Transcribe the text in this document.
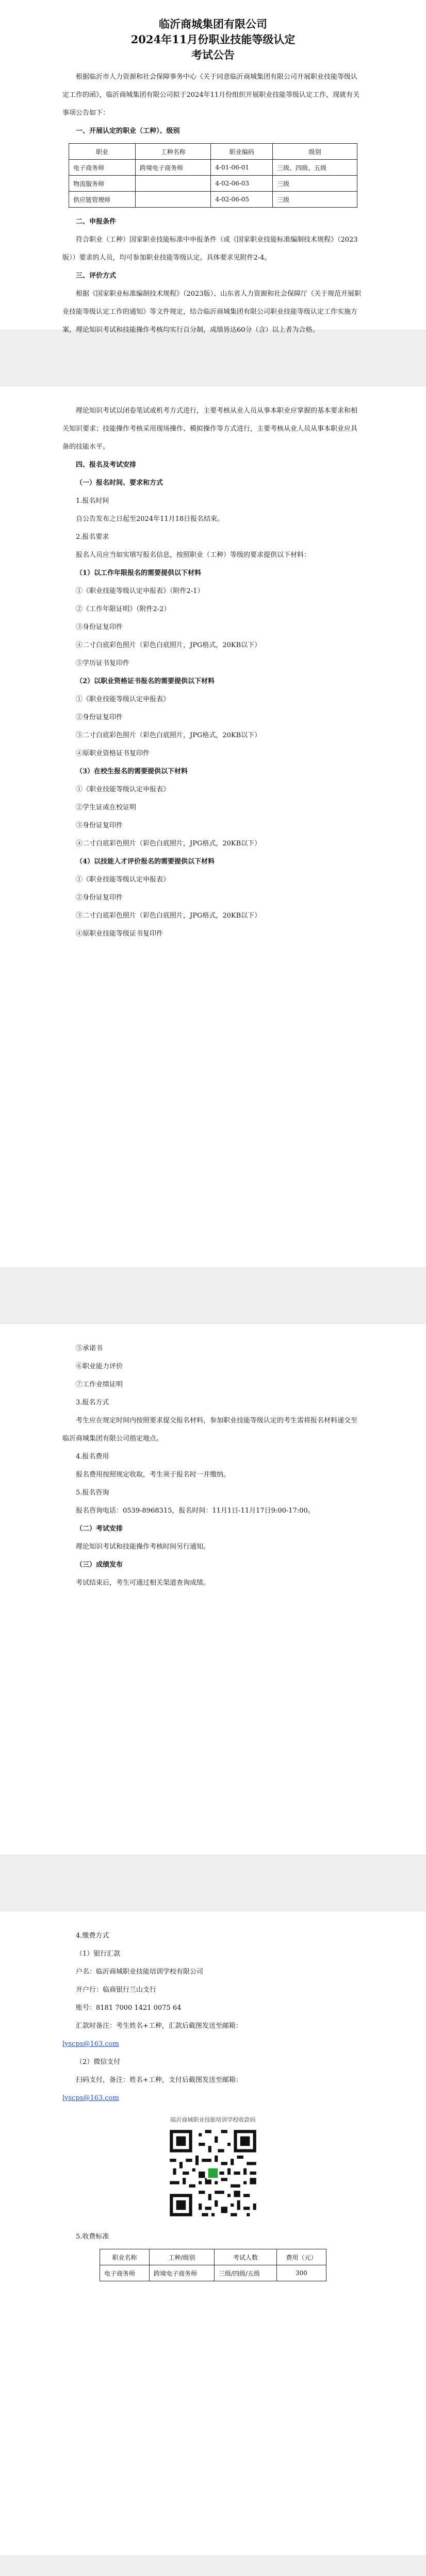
临沂商城集团有限公司
2024年11月份职业技能等级认定
考试公告

根据临沂市人力资源和社会保障事务中心《关于同意临沂商城集团有限公司开展职业技能等级认定工作的函》，临沂商城集团有限公司拟于2024年11月份组织开展职业技能等级认定工作，现就有关事项公告如下：

一、开展认定的职业（工种）、级别

职业	工种名称	职业编码	级别
电子商务师	跨境电子商务师	4-01-06-01	三级、四级、五级
物流服务师		4-02-06-03	三级
供应链管理师		4-02-06-05	三级

二、申报条件

符合职业（工种）国家职业技能标准中申报条件（或《国家职业技能标准编制技术规程》（2023版））要求的人员，均可参加职业技能等级认定。具体要求见附件2-4。

三、评价方式

根据《国家职业标准编制技术规程》（2023版）、山东省人力资源和社会保障厅《关于规范开展职业技能等级认定工作的通知》等文件规定，结合临沂商城集团有限公司职业技能等级认定工作实施方案，理论知识考试和技能操作考核均实行百分制，成绩皆达60分（含）以上者为合格。

理论知识考试以闭卷笔试或机考方式进行，主要考核从业人员从事本职业应掌握的基本要求和相关知识要求；技能操作考核采用现场操作、模拟操作等方式进行，主要考核从业人员从事本职业应具备的技能水平。

四、报名及考试安排

（一）报名时间、要求和方式

1.报名时间

自公告发布之日起至2024年11月18日报名结束。

2.报名要求

报名人员应当如实填写报名信息，按照职业（工种）等级的要求提供以下材料：

（1）以工作年限报名的需要提供以下材料

①《职业技能等级认定申报表》（附件2-1）

②《工作年限证明》（附件2-2）

③身份证复印件

④二寸白底彩色照片（彩色白底照片，JPG格式，20KB以下）

⑤学历证书复印件

（2）以职业资格证书报名的需要提供以下材料

①《职业技能等级认定申报表》

②身份证复印件

③二寸白底彩色照片（彩色白底照片，JPG格式，20KB以下）

④原职业资格证书复印件

（3）在校生报名的需要提供以下材料

①《职业技能等级认定申报表》

②学生证或在校证明

③身份证复印件

④二寸白底彩色照片（彩色白底照片，JPG格式，20KB以下）

（4）以技能人才评价报名的需要提供以下材料

①《职业技能等级认定申报表》

②身份证复印件

③二寸白底彩色照片（彩色白底照片，JPG格式，20KB以下）

④原职业技能等级证书复印件

⑤承诺书

⑥职业能力评价

⑦工作业绩证明

3.报名方式

考生应在规定时间内按照要求提交报名材料，参加职业技能等级认定的考生需将报名材料递交至临沂商城集团有限公司指定地点。

4.报名费用

报名费用按照规定收取，考生须于报名时一并缴纳。

5.报名咨询

报名咨询电话：0539-8968315，报名时间：11月1日-11月17日9:00-17:00。

（二）考试安排

理论知识考试和技能操作考核时间另行通知。

（三）成绩发布

考试结束后，考生可通过相关渠道查询成绩。

4.缴费方式

（1）银行汇款

户名：临沂商城职业技能培训学校有限公司

开户行：临商银行兰山支行

账号：8181 7000 1421 0075 64

汇款时备注：考生姓名+工种，汇款后截图发送至邮箱：

lyscps@163.com

（2）微信支付

扫码支付，备注：姓名+工种，支付后截图发送至邮箱：

lyscps@163.com

临沂商城职业技能培训学校收款码

5.收费标准

职业名称	工种/级别	考试人数	费用（元）
电子商务师	跨境电子商务师	三级/四级/五级	300
